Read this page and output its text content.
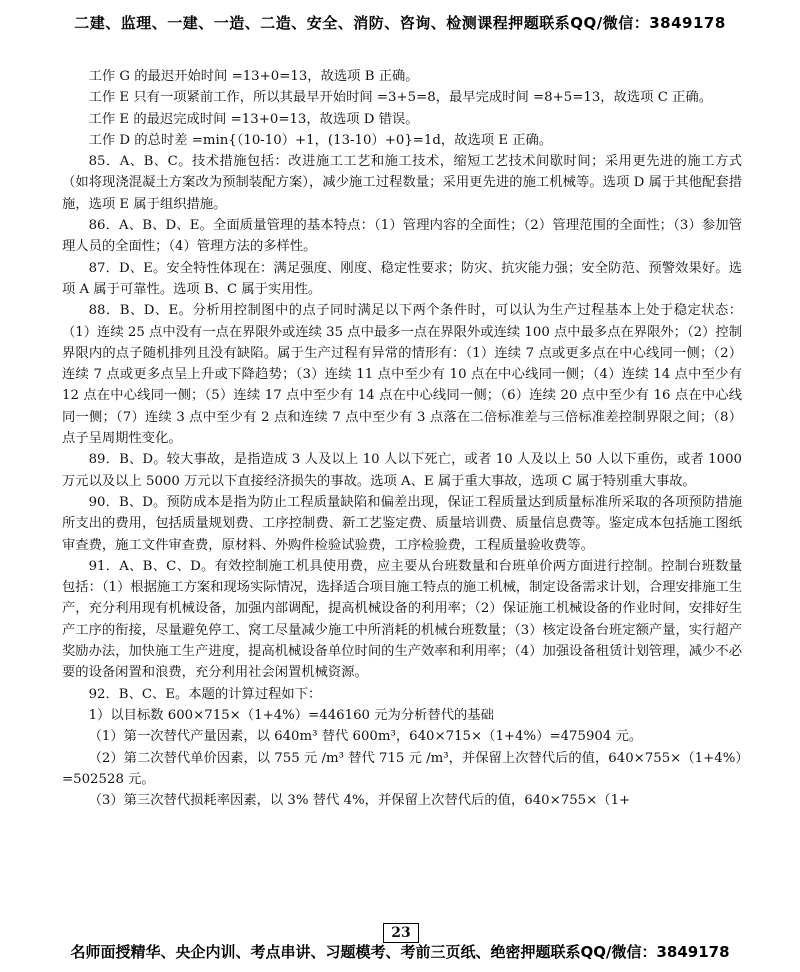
二建、监理、一建、一造、二造、安全、消防、咨询、检测课程押题联系QQ/微信：3849178

工作 G 的最迟开始时间 =13+0=13，故选项 B 正确。

工作 E 只有一项紧前工作，所以其最早开始时间 =3+5=8，最早完成时间 =8+5=13，故选项 C 正确。

工作 E 的最迟完成时间 =13+0=13，故选项 D 错误。

工作 D 的总时差 =min{（10-10）+1，(13-10）+0}=1d，故选项 E 正确。

85．A、B、C。技术措施包括：改进施工工艺和施工技术，缩短工艺技术间歇时间；采用更先进的施工方式（如将现浇混凝土方案改为预制装配方案），减少施工过程数量；采用更先进的施工机械等。选项 D 属于其他配套措施，选项 E 属于组织措施。

86．A、B、D、E。全面质量管理的基本特点：（1）管理内容的全面性；（2）管理范围的全面性；（3）参加管理人员的全面性；（4）管理方法的多样性。

87．D、E。安全特性体现在：满足强度、刚度、稳定性要求；防灾、抗灾能力强；安全防范、预警效果好。选项 A 属于可靠性。选项 B、C 属于实用性。

88．B、D、E。分析用控制图中的点子同时满足以下两个条件时，可以认为生产过程基本上处于稳定状态：（1）连续 25 点中没有一点在界限外或连续 35 点中最多一点在界限外或连续 100 点中最多点在界限外；（2）控制界限内的点子随机排列且没有缺陷。属于生产过程有异常的情形有：（1）连续 7 点或更多点在中心线同一侧；（2）连续 7 点或更多点呈上升或下降趋势；（3）连续 11 点中至少有 10 点在中心线同一侧；（4）连续 14 点中至少有 12 点在中心线同一侧；（5）连续 17 点中至少有 14 点在中心线同一侧；（6）连续 20 点中至少有 16 点在中心线同一侧；（7）连续 3 点中至少有 2 点和连续 7 点中至少有 3 点落在二倍标准差与三倍标准差控制界限之间；（8）点子呈周期性变化。

89．B、D。较大事故，是指造成 3 人及以上 10 人以下死亡，或者 10 人及以上 50 人以下重伤，或者 1000 万元以及以上 5000 万元以下直接经济损失的事故。选项 A、E 属于重大事故，选项 C 属于特别重大事故。

90．B、D。预防成本是指为防止工程质量缺陷和偏差出现，保证工程质量达到质量标准所采取的各项预防措施所支出的费用，包括质量规划费、工序控制费、新工艺鉴定费、质量培训费、质量信息费等。鉴定成本包括施工图纸审查费，施工文件审查费，原材料、外购件检验试验费，工序检验费，工程质量验收费等。

91．A、B、C、D。有效控制施工机具使用费，应主要从台班数量和台班单价两方面进行控制。控制台班数量包括：（1）根据施工方案和现场实际情况，选择适合项目施工特点的施工机械，制定设备需求计划，合理安排施工生产，充分利用现有机械设备，加强内部调配，提高机械设备的利用率；（2）保证施工机械设备的作业时间，安排好生产工序的衔接，尽量避免停工、窝工尽量减少施工中所消耗的机械台班数量；（3）核定设备台班定额产量，实行超产奖励办法，加快施工生产进度，提高机械设备单位时间的生产效率和利用率；（4）加强设备租赁计划管理，减少不必要的设备闲置和浪费，充分利用社会闲置机械资源。

92．B、C、E。本题的计算过程如下：

1）以目标数 600×715×（1+4%）=446160 元为分析替代的基础

（1）第一次替代产量因素，以 640m³ 替代 600m³，640×715×（1+4%）=475904 元。

（2）第二次替代单价因素，以 755 元 /m³ 替代 715 元 /m³，并保留上次替代后的值，640×755×（1+4%）=502528 元。

（3）第三次替代损耗率因素，以 3% 替代 4%，并保留上次替代后的值，640×755×（1+

23
名师面授精华、央企内训、考点串讲、习题模考、考前三页纸、绝密押题联系QQ/微信：3849178
